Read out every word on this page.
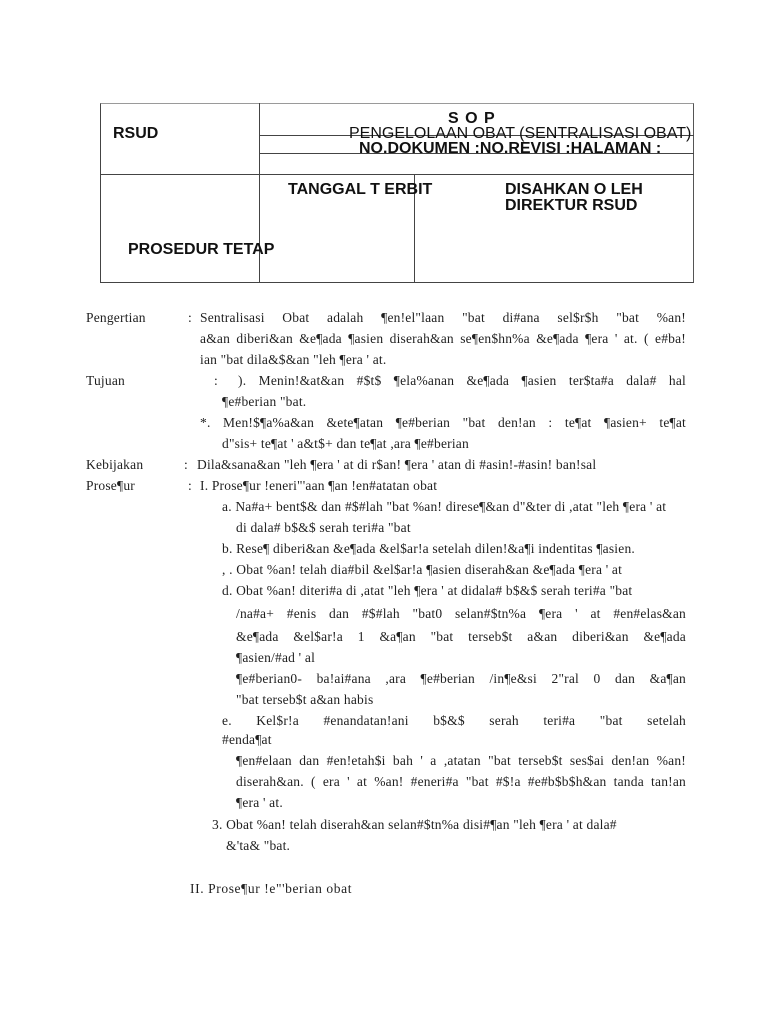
RSUD
S O P
PENGELOLAAN OBAT (SENTRALISASI OBAT)
NO.DOKUMEN :NO.REVISI :HALAMAN :
TANGGAL T ERBIT	DISAHKAN O LEH
DIREKTUR RSUD
PROSEDUR TETAP
Pengertian	: Sentralisasi Obat adalah ¶en!el"laan "bat di#ana sel$r$h "bat %an!
a&an diberi&an &e¶ada ¶asien diserah&an se¶en$hn%a &e¶ada ¶era ' at. ( e#ba!
ian "bat dila&$&an "leh ¶era ' at.
Tujuan	: ). Menin!&at&an #$t$ ¶ela%anan &e¶ada ¶asien ter$ta#a dala# hal
¶e#berian "bat.
*. Men!$¶a%a&an &ete¶atan ¶e#berian "bat den!an : te¶at ¶asien+ te¶at
d"sis+ te¶at ' a&t$+ dan te¶at ,ara ¶e#berian
Kebijakan	: Dila&sana&an "leh ¶era ' at di r$an! ¶era ' atan di #asin!-#asin! ban!sal
Prose¶ur	: I. Prose¶ur !eneri"'aan ¶an !en#atatan obat
a. Na#a+ bent$& dan #$#lah "bat %an! direse¶&an d"&ter di ,atat "leh ¶era ' at
di dala# b$&$ serah teri#a "bat
b. Rese¶ diberi&an &e¶ada &el$ar!a setelah dilen!&a¶i indentitas ¶asien.
, . Obat %an! telah dia#bil &el$ar!a ¶asien diserah&an &e¶ada ¶era ' at
d. Obat %an! diteri#a di ,atat "leh ¶era ' at didala# b$&$ serah teri#a "bat
/na#a+ #enis dan #$#lah "bat0 selan#$tn%a ¶era ' at #en#elas&an
&e¶ada &el$ar!a 1 &a¶an "bat terseb$t a&an diberi&an &e¶ada
¶asien/#ad ' al
¶e#berian0- ba!ai#ana ,ara ¶e#berian /in¶e&si 2"ral 0 dan &a¶an
"bat terseb$t a&an habis
e. Kel$r!a #enandatan!ani b$&$ serah teri#a "bat setelah
#enda¶at
¶en#elaan dan #en!etah$i bah ' a ,atatan "bat terseb$t ses$ai den!an %an!
diserah&an. ( era ' at %an! #eneri#a "bat #$!a #e#b$b$h&an tanda tan!an
¶era ' at.
3. Obat %an! telah diserah&an selan#$tn%a disi#¶an "leh ¶era ' at dala#
&'ta& "bat.
II. Prose¶ur !e"'berian obat
